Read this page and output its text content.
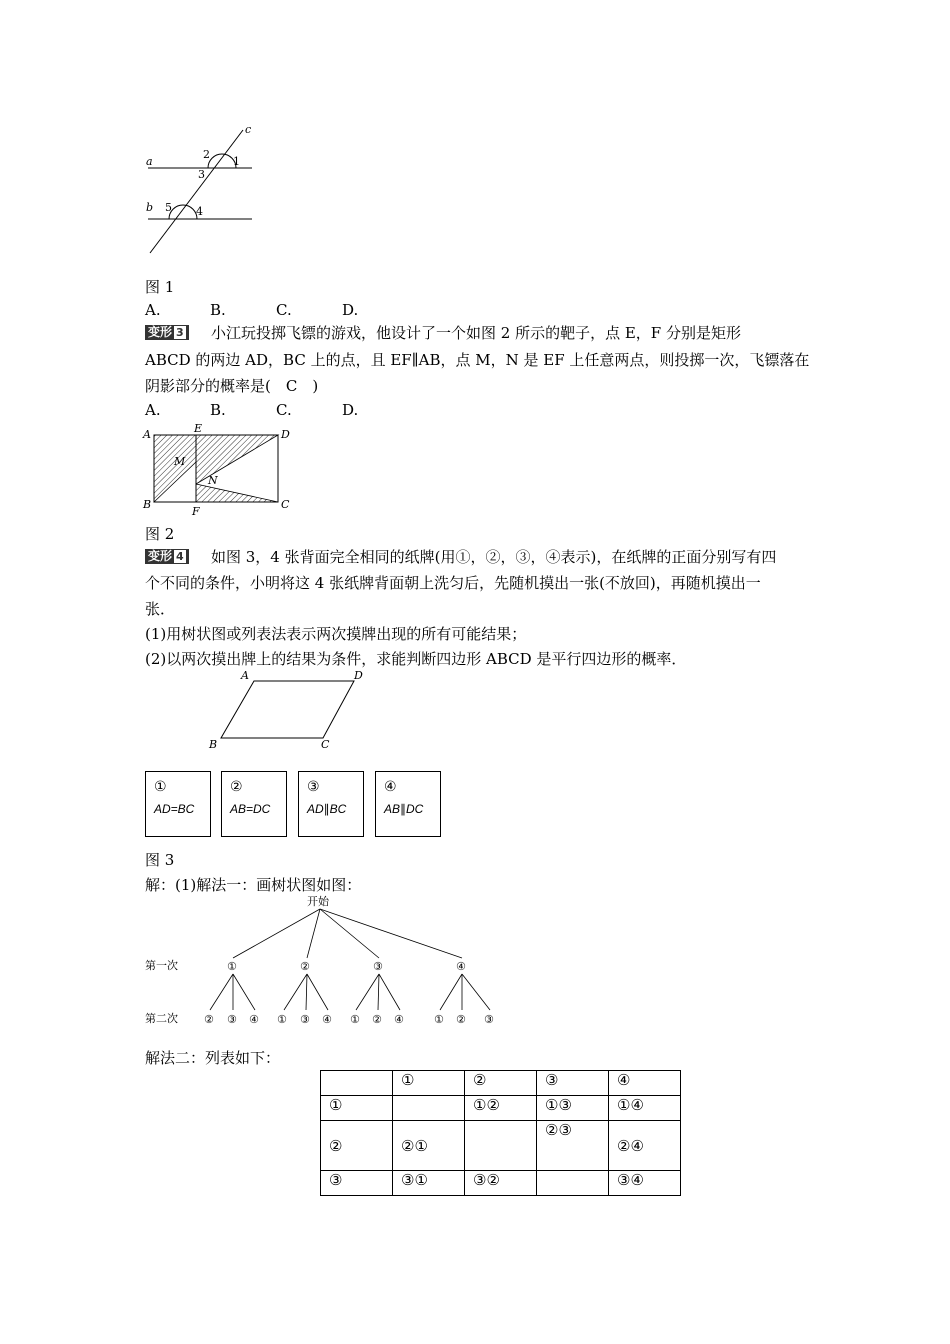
c
a
b
2
1
3
5 4
图 1
A.	B.	C.	D.
变形 3	小江玩投掷飞镖的游戏，他设计了一个如图 2 所示的靶子，点 E，F 分别是矩形
ABCD 的两边 AD，BC 上的点，且 EF∥AB，点 M，N 是 EF 上任意两点，则投掷一次，飞镖落在
阴影部分的概率是(　C　)
A.	B.	C.	D.
A	E	D
M
N
B
F
C
图 2
变形 4	如图 3，4 张背面完全相同的纸牌(用①，②，③，④表示)，在纸牌的正面分别写有四
个不同的条件，小明将这 4 张纸牌背面朝上洗匀后，先随机摸出一张(不放回)，再随机摸出一
张．
(1)用树状图或列表法表示两次摸牌出现的所有可能结果；
(2)以两次摸出牌上的结果为条件，求能判断四边形 ABCD 是平行四边形的概率．
A	D
B	C
①
AD=BC
②
AB=DC
③
AD∥BC
④
AB∥DC
图 3
解：(1)解法一：画树状图如图：
开始
第一次
第二次
①	②	③	④
② ③ ④ ① ③ ④ ① ② ④	① ② ③
解法二：列表如下：
	①	②	③	④
①		①②	①③	①④
②	②①		②③	②④
③	③①	③②		③④
